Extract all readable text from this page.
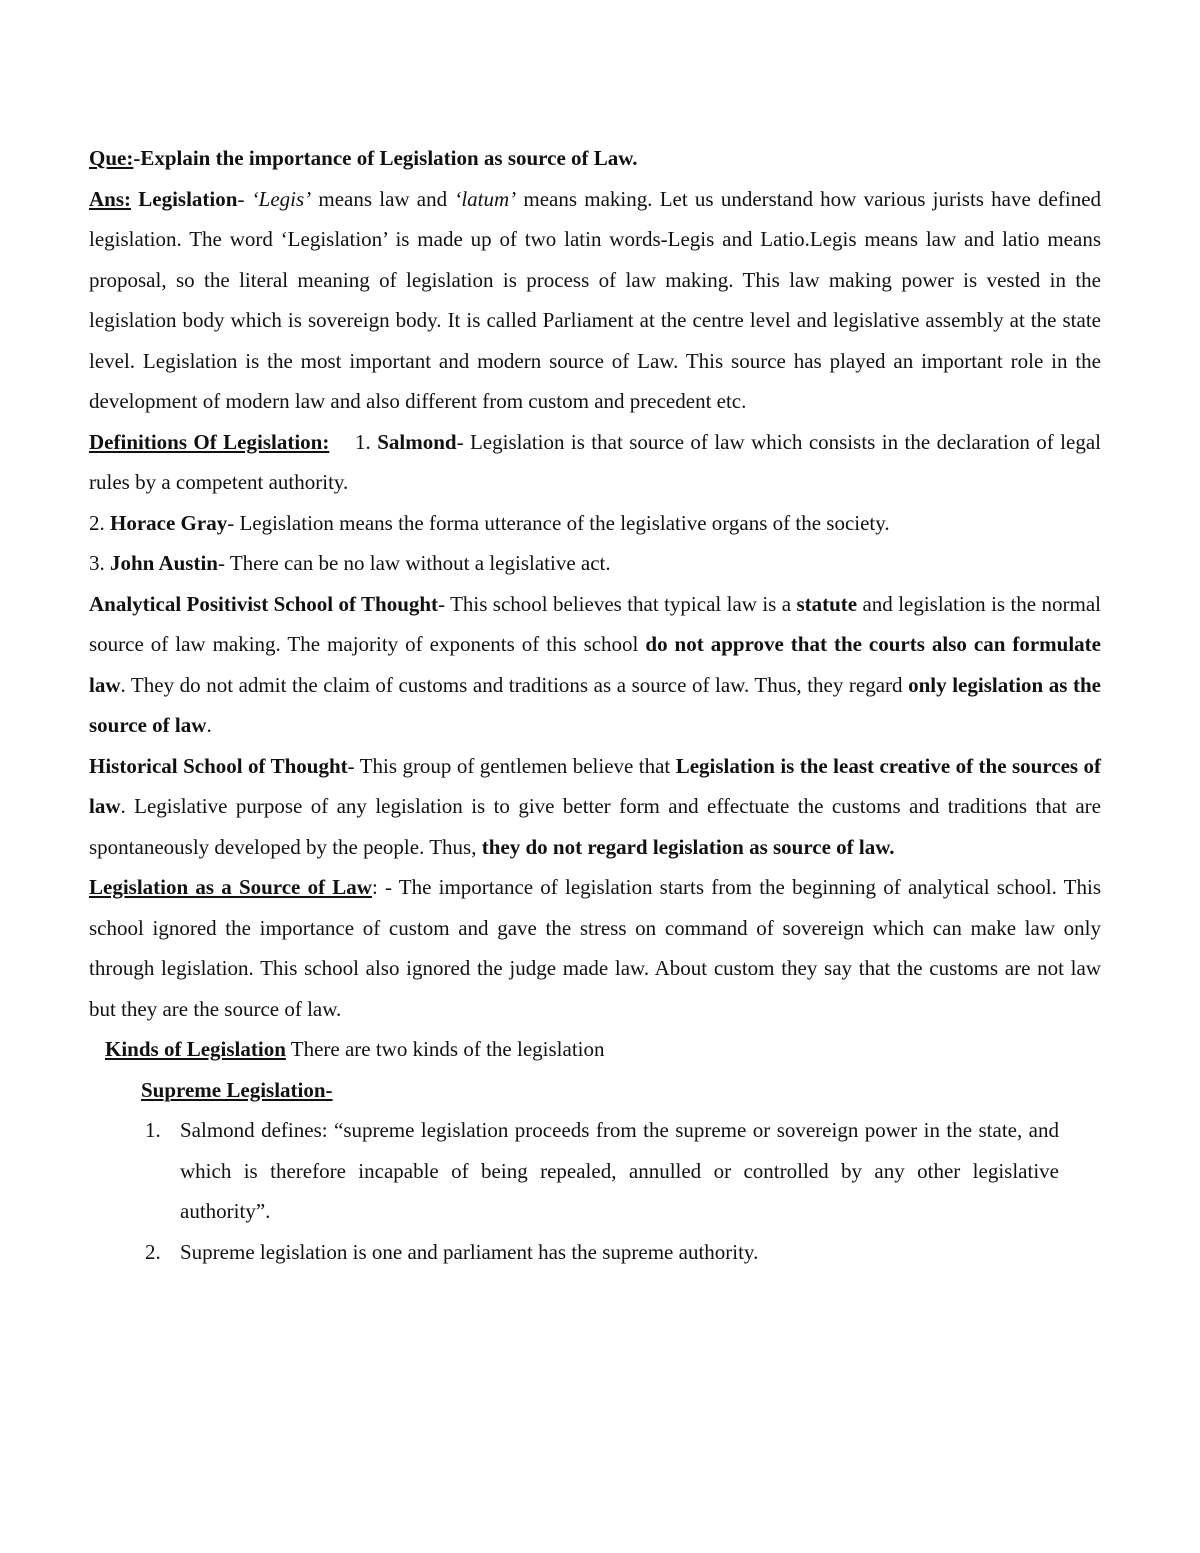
Que:-Explain the importance of Legislation as source of Law.

Ans: Legislation- ‘Legis’ means law and ‘latum’ means making. Let us understand how various jurists have defined legislation. The word ‘Legislation’ is made up of two latin words-Legis and Latio.Legis means law and latio means proposal, so the literal meaning of legislation is process of law making. This law making power is vested in the legislation body which is sovereign body. It is called Parliament at the centre level and legislative assembly at the state level. Legislation is the most important and modern source of Law. This source has played an important role in the development of modern law and also different from custom and precedent etc.

Definitions Of Legislation: 1. Salmond- Legislation is that source of law which consists in the declaration of legal rules by a competent authority.

2. Horace Gray- Legislation means the forma utterance of the legislative organs of the society.

3. John Austin- There can be no law without a legislative act.

Analytical Positivist School of Thought- This school believes that typical law is a statute and legislation is the normal source of law making. The majority of exponents of this school do not approve that the courts also can formulate law. They do not admit the claim of customs and traditions as a source of law. Thus, they regard only legislation as the source of law.

Historical School of Thought- This group of gentlemen believe that Legislation is the least creative of the sources of law. Legislative purpose of any legislation is to give better form and effectuate the customs and traditions that are spontaneously developed by the people. Thus, they do not regard legislation as source of law.

Legislation as a Source of Law: - The importance of legislation starts from the beginning of analytical school. This school ignored the importance of custom and gave the stress on command of sovereign which can make law only through legislation. This school also ignored the judge made law. About custom they say that the customs are not law but they are the source of law.

Kinds of Legislation There are two kinds of the legislation

Supreme Legislation-

1. Salmond defines: “supreme legislation proceeds from the supreme or sovereign power in the state, and which is therefore incapable of being repealed, annulled or controlled by any other legislative authority”.
2. Supreme legislation is one and parliament has the supreme authority.
